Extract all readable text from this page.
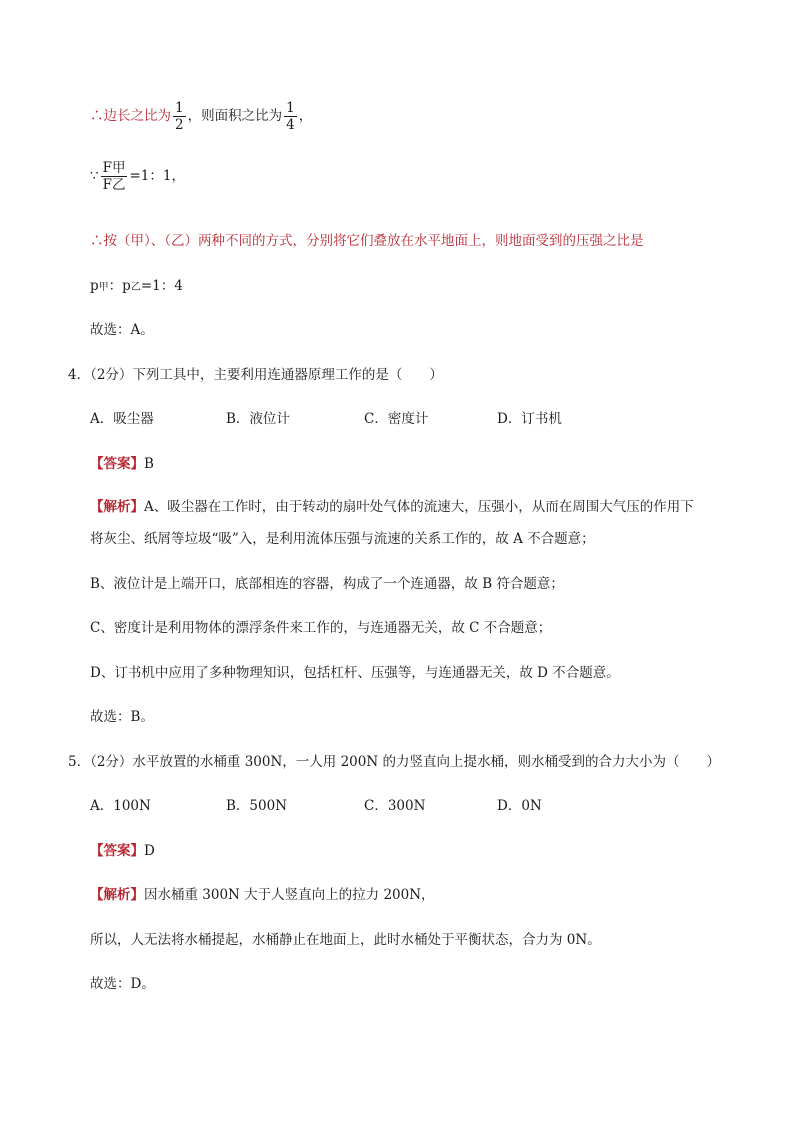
∴边长之比为 $\frac{1}{2}$ ，则面积之比为 $\frac{1}{4}$ ，
∵ $\frac{\text{F甲}}{\text{F乙}} =1$：1，
∴按（甲）、（乙）两种不同的方式，分别将它们叠放在水平地面上，则地面受到的压强之比是
p甲：p乙=1：4
故选：A。
4．（2分）下列工具中，主要利用连通器原理工作的是（　　）
A．吸尘器	B．液位计	C．密度计	D．订书机
【答案】B
【解析】A、吸尘器在工作时，由于转动的扇叶处气体的流速大，压强小，从而在周围大气压的作用下
将灰尘、纸屑等垃圾“吸”入，是利用流体压强与流速的关系工作的，故 A 不合题意；
B、液位计是上端开口，底部相连的容器，构成了一个连通器，故 B 符合题意；
C、密度计是利用物体的漂浮条件来工作的，与连通器无关，故 C 不合题意；
D、订书机中应用了多种物理知识，包括杠杆、压强等，与连通器无关，故 D 不合题意。
故选：B。
5．（2分）水平放置的水桶重 300N，一人用 200N 的力竖直向上提水桶，则水桶受到的合力大小为（　　）
A．100N	B．500N	C．300N	D．0N
【答案】D
【解析】因水桶重 300N 大于人竖直向上的拉力 200N，
所以，人无法将水桶提起，水桶静止在地面上，此时水桶处于平衡状态，合力为 0N。
故选：D。
